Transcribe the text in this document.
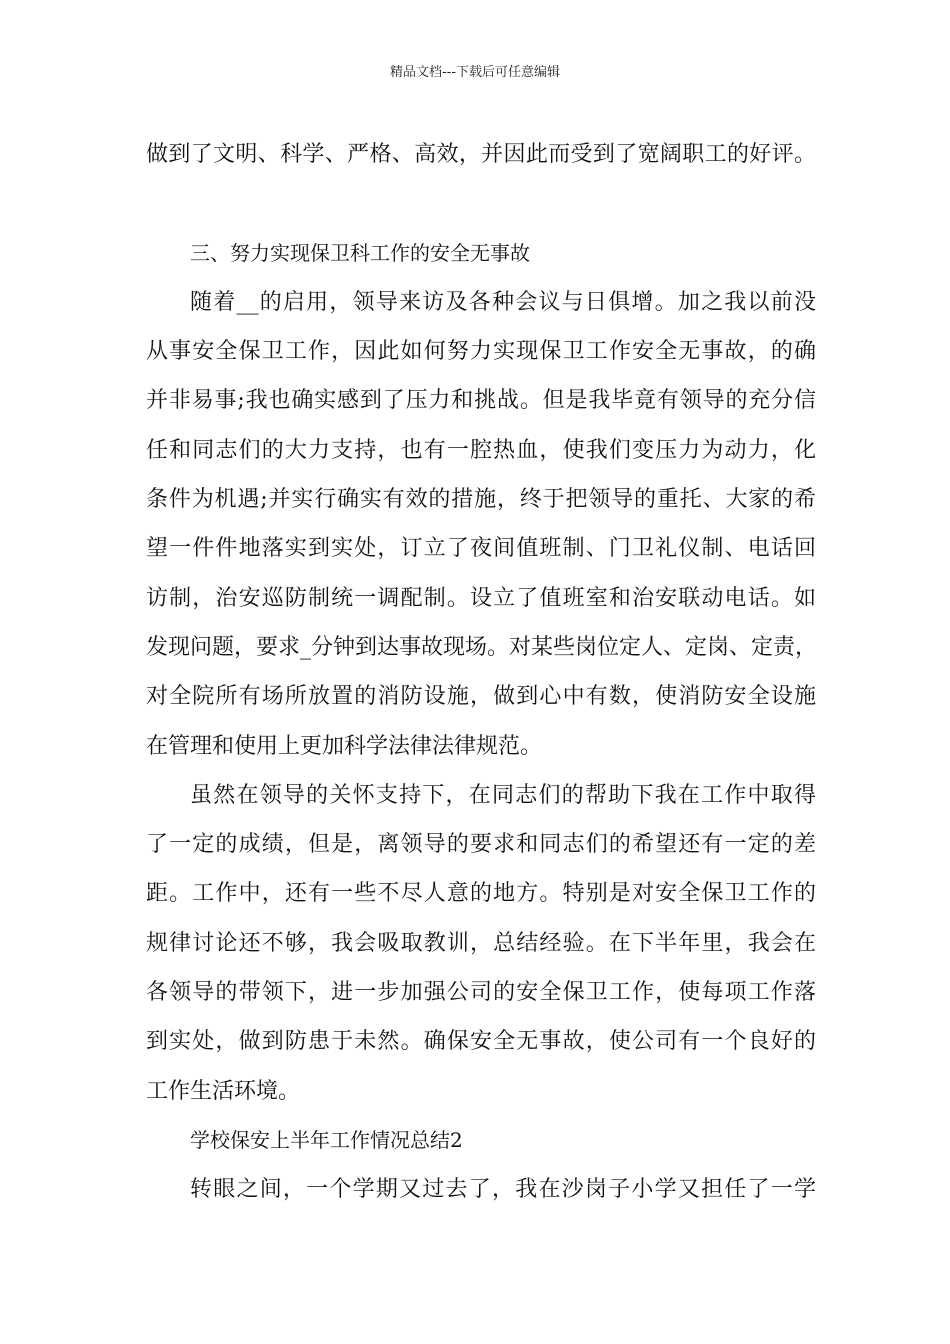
精品文档---下载后可任意编辑
做到了文明、科学、严格、高效，并因此而受到了宽阔职工的好评。
三、努力实现保卫科工作的安全无事故
随着__的启用，领导来访及各种会议与日俱增。加之我以前没
从事安全保卫工作，因此如何努力实现保卫工作安全无事故，的确
并非易事;我也确实感到了压力和挑战。但是我毕竟有领导的充分信
任和同志们的大力支持，也有一腔热血，使我们变压力为动力，化
条件为机遇;并实行确实有效的措施，终于把领导的重托、大家的希
望一件件地落实到实处，订立了夜间值班制、门卫礼仪制、电话回
访制，治安巡防制统一调配制。设立了值班室和治安联动电话。如
发现问题，要求_分钟到达事故现场。对某些岗位定人、定岗、定责，
对全院所有场所放置的消防设施，做到心中有数，使消防安全设施
在管理和使用上更加科学法律法律规范。
虽然在领导的关怀支持下，在同志们的帮助下我在工作中取得
了一定的成绩，但是，离领导的要求和同志们的希望还有一定的差
距。工作中，还有一些不尽人意的地方。特别是对安全保卫工作的
规律讨论还不够，我会吸取教训，总结经验。在下半年里，我会在
各领导的带领下，进一步加强公司的安全保卫工作，使每项工作落
到实处，做到防患于未然。确保安全无事故，使公司有一个良好的
工作生活环境。
学校保安上半年工作情况总结2
转眼之间，一个学期又过去了，我在沙岗子小学又担任了一学
